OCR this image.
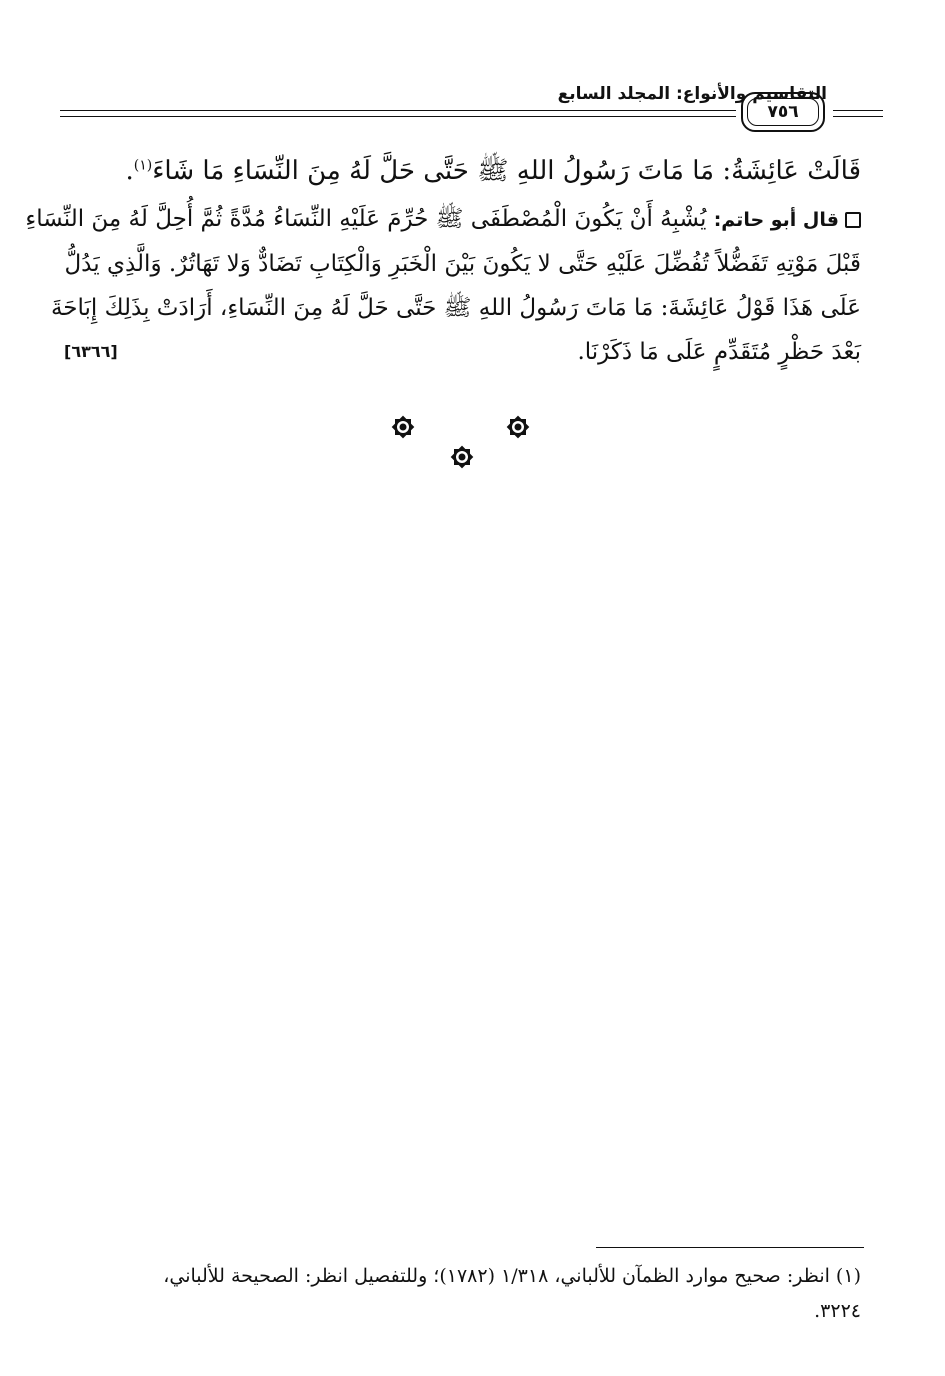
التقاسيم والأنواع: المجلد السابع
٧٥٦
قَالَتْ عَائِشَةُ: مَا مَاتَ رَسُولُ اللهِ ﷺ حَتَّى حَلَّ لَهُ مِنَ النِّسَاءِ مَا شَاءَ$^{(١)}$.
قال أبو حاتم: يُشْبِهُ أَنْ يَكُونَ الْمُصْطَفَى ﷺ حُرِّمَ عَلَيْهِ النِّسَاءُ مُدَّةً ثُمَّ أُحِلَّ لَهُ مِنَ النِّسَاءِ
قَبْلَ مَوْتِهِ تَفَضُّلاً تُفُضِّلَ عَلَيْهِ حَتَّى لا يَكُونَ بَيْنَ الْخَبَرِ وَالْكِتَابِ تَضَادٌّ وَلا تَهَاتُرٌ. وَالَّذِي يَدُلُّ
عَلَى هَذَا قَوْلُ عَائِشَةَ: مَا مَاتَ رَسُولُ اللهِ ﷺ حَتَّى حَلَّ لَهُ مِنَ النِّسَاءِ، أَرَادَتْ بِذَلِكَ إِبَاحَةَ
بَعْدَ حَظْرٍ مُتَقَدِّمٍ عَلَى مَا ذَكَرْنَا.
[٦٣٦٦]
(١) انظر: صحيح موارد الظمآن للألباني، ١/٣١٨ (١٧٨٢)؛ وللتفصيل انظر: الصحيحة للألباني،
٣٢٢٤.
